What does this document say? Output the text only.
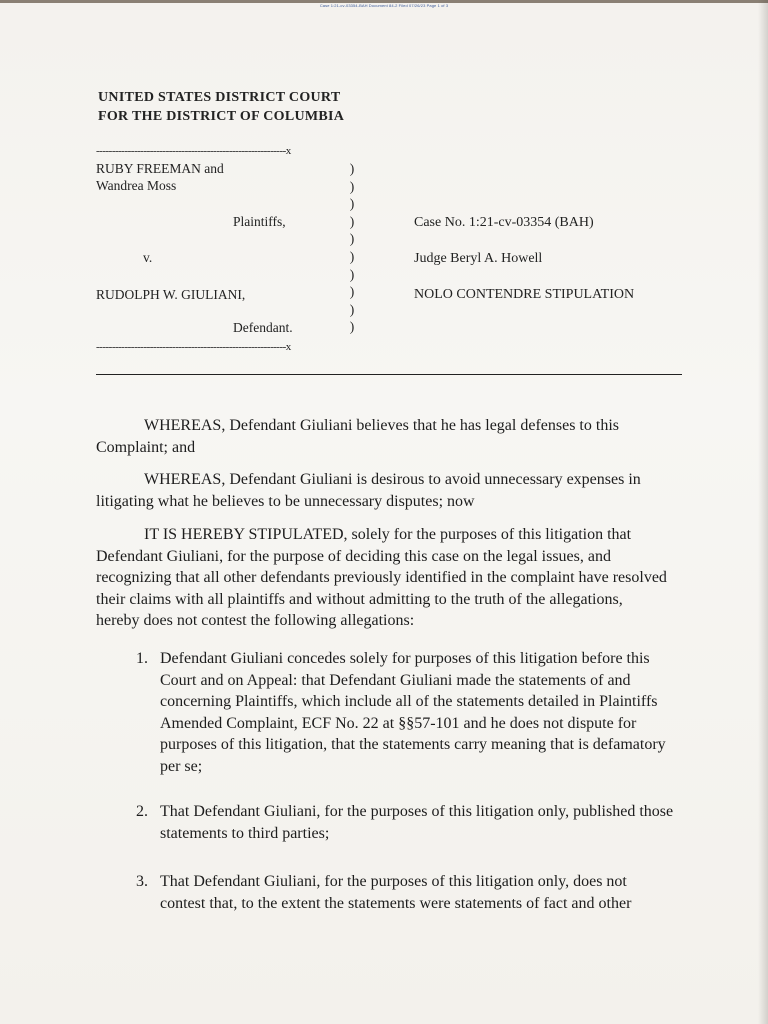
Case 1:21-cv-03354-BAH Document 84-2 Filed 07/26/23 Page 1 of 3
UNITED STATES DISTRICT COURT
FOR THE DISTRICT OF COLUMBIA
------------------------------------------------------------x
RUBY FREEMAN and
Wandrea Moss
Plaintiffs,
v.
RUDOLPH W. GIULIANI,
Defendant.
)
)
)
)
)
)
)
)
)
)
------------------------------------------------------------x
Case No. 1:21-cv-03354 (BAH)
Judge Beryl A. Howell
NOLO CONTENDRE STIPULATION
WHEREAS, Defendant Giuliani believes that he has legal defenses to this Complaint; and
WHEREAS, Defendant Giuliani is desirous to avoid unnecessary expenses in litigating what he believes to be unnecessary disputes; now
IT IS HEREBY STIPULATED, solely for the purposes of this litigation that Defendant Giuliani, for the purpose of deciding this case on the legal issues, and recognizing that all other defendants previously identified in the complaint have resolved their claims with all plaintiffs and without admitting to the truth of the allegations, hereby does not contest the following allegations:
1. Defendant Giuliani concedes solely for purposes of this litigation before this Court and on Appeal: that Defendant Giuliani made the statements of and concerning Plaintiffs, which include all of the statements detailed in Plaintiffs Amended Complaint, ECF No. 22 at §§57-101 and he does not dispute for purposes of this litigation, that the statements carry meaning that is defamatory per se;
2. That Defendant Giuliani, for the purposes of this litigation only, published those statements to third parties;
3. That Defendant Giuliani, for the purposes of this litigation only, does not contest that, to the extent the statements were statements of fact and other
